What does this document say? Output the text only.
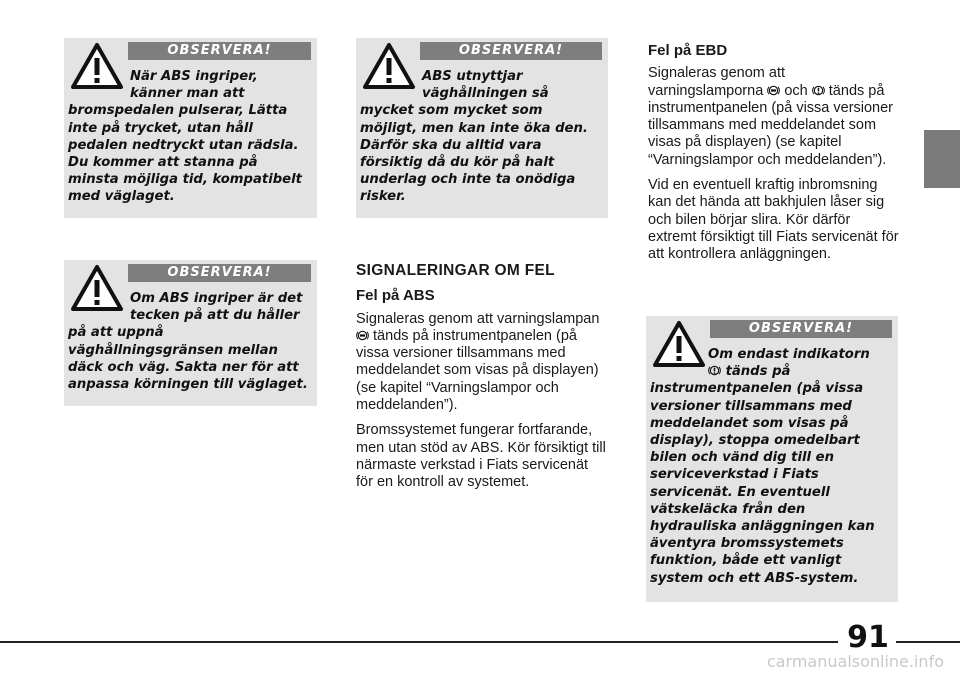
OBSERVERA!
När ABS ingriper,
känner man att
bromspedalen pulserar, Lätta inte på trycket, utan håll pedalen nedtryckt utan rädsla. Du kommer att stanna på minsta möjliga tid, kompatibelt med väglaget.
OBSERVERA!
ABS utnyttjar
väghållningen så
mycket som mycket som möjligt, men kan inte öka den. Därför ska du alltid vara försiktig då du kör på halt underlag och inte ta onödiga risker.
OBSERVERA!
Om ABS ingriper är det
tecken på att du håller
på att uppnå väghållningsgränsen mellan däck och väg. Sakta ner för att anpassa körningen till väglaget.
SIGNALERINGAR OM FEL
Fel på ABS

Signaleras genom att varningslampan  tänds på instrumentpanelen (på vissa versioner tillsammans med meddelandet som visas på displayen) (se kapitel “Varningslampor och meddelanden”).

Bromssystemet fungerar fortfarande, men utan stöd av ABS. Kör försiktigt till närmaste verkstad i Fiats servicenät för en kontroll av systemet.

Fel på EBD

Signaleras genom att varningslamporna och tänds på instrumentpanelen (på vissa versioner tillsammans med meddelandet som visas på displayen) (se kapitel “Varningslampor och meddelanden”).

Vid en eventuell kraftig inbromsning kan det hända att bakhjulen låser sig och bilen börjar slira. Kör därför extremt försiktigt till Fiats servicenät för att kontrollera anläggningen.

OBSERVERA!
Om endast indikatorn
tänds på
instrumentpanelen (på vissa versioner tillsammans med meddelandet som visas på display), stoppa omedelbart bilen och vänd dig till en serviceverkstad i Fiats servicenät. En eventuell vätskeläcka från den hydrauliska anläggningen kan äventyra bromssystemets funktion, både ett vanligt system och ett ABS-system.
91
carmanualsonline.info
